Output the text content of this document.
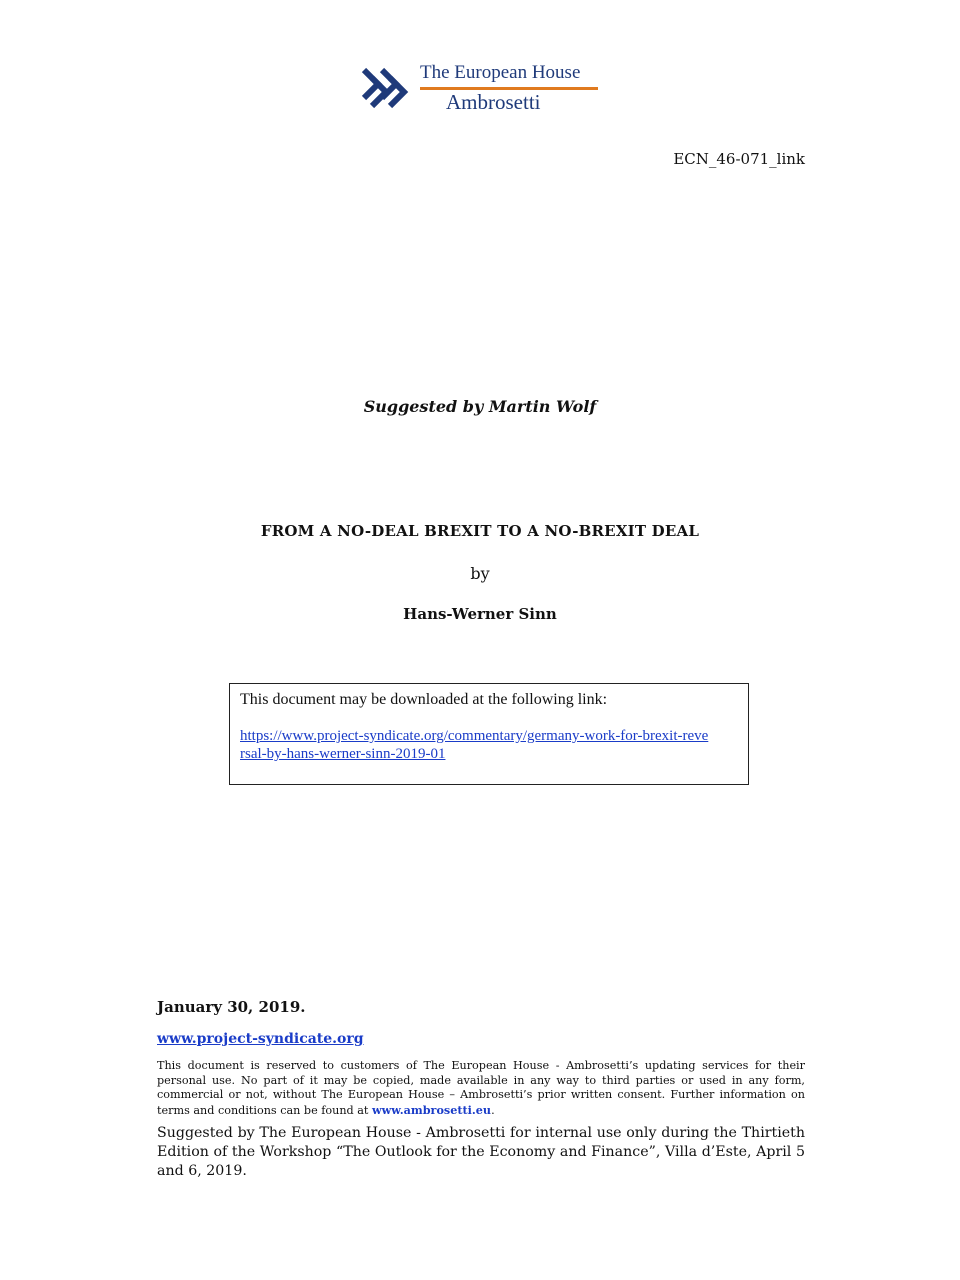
The European House
Ambrosetti
ECN_46-071_link
Suggested by Martin Wolf
FROM A NO-DEAL BREXIT TO A NO-BREXIT DEAL
by
Hans-Werner Sinn

This document may be downloaded at the following link:

https://www.project-syndicate.org/commentary/germany-work-for-brexit-reversal-by-hans-werner-sinn-2019-01

January 30, 2019.

www.project-syndicate.org

This document is reserved to customers of The European House - Ambrosetti’s updating services for their personal use. No part of it may be copied, made available in any way to third parties or used in any form, commercial or not, without The European House – Ambrosetti’s prior written consent. Further information on terms and conditions can be found at www.ambrosetti.eu.

Suggested by The European House - Ambrosetti for internal use only during the Thirtieth Edition of the Workshop “The Outlook for the Economy and Finance”, Villa d’Este, April 5 and 6, 2019.
